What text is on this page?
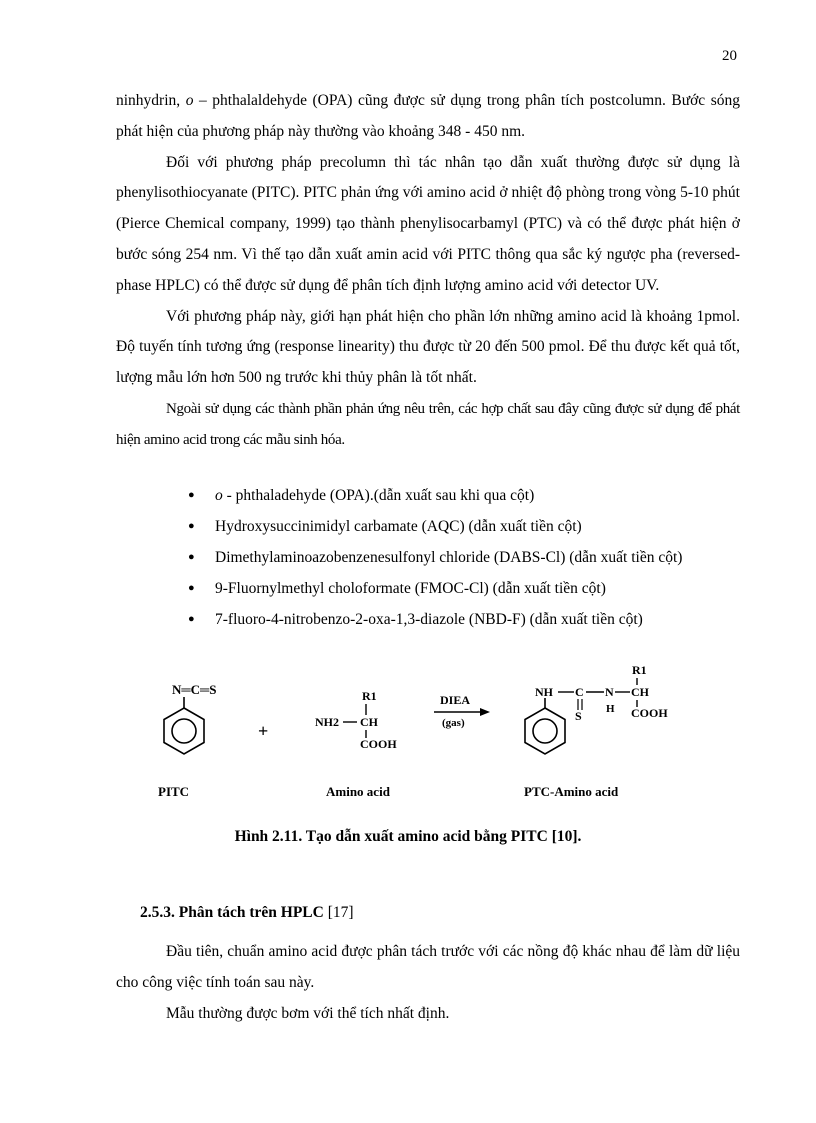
20

ninhydrin, o – phthalaldehyde (OPA) cũng được sử dụng trong phân tích postcolumn. Bước sóng phát hiện của phương pháp này thường vào khoảng 348 - 450 nm.

Đối với phương pháp precolumn thì tác nhân tạo dẫn xuất thường được sử dụng là phenylisothiocyanate (PITC). PITC phản ứng với amino acid ở nhiệt độ phòng trong vòng 5-10 phút (Pierce Chemical company, 1999) tạo thành phenylisocarbamyl (PTC) và có thể được phát hiện ở bước sóng 254 nm. Vì thế tạo dẫn xuất amin acid với PITC thông qua sắc ký ngược pha (reversed-phase HPLC) có thể được sử dụng để phân tích định lượng amino acid với detector UV.

Với phương pháp này, giới hạn phát hiện cho phần lớn những amino acid là khoảng 1pmol. Độ tuyến tính tương ứng (response linearity) thu được từ 20 đến 500 pmol. Để thu được kết quả tốt, lượng mẫu lớn hơn 500 ng trước khi thủy phân là tốt nhất.

Ngoài sử dụng các thành phần phản ứng nêu trên, các hợp chất sau đây cũng được sử dụng để phát hiện amino acid trong các mẫu sinh hóa.

● o - phthaladehyde (OPA).(dẫn xuất sau khi qua cột)
● Hydroxysuccinimidyl carbamate (AQC) (dẫn xuất tiền cột)
● Dimethylaminoazobenzenesulfonyl chloride (DABS-Cl) (dẫn xuất tiền cột)
● 9-Fluornylmethyl choloformate (FMOC-Cl) (dẫn xuất tiền cột)
● 7-fluoro-4-nitrobenzo-2-oxa-1,3-diazole (NBD-F) (dẫn xuất tiền cột)
N═C═S
+
R1
NH2 CH
COOH
DIEA
(gas)
NH C
S
N
H
R1
CH
COOH
PITC	Amino acid	PTC-Amino acid
Hình 2.11. Tạo dẫn xuất amino acid bằng PITC [10].
2.5.3. Phân tách trên HPLC [17]

Đầu tiên, chuẩn amino acid được phân tách trước với các nồng độ khác nhau để làm dữ liệu cho công việc tính toán sau này.

Mẫu thường được bơm với thể tích nhất định.
